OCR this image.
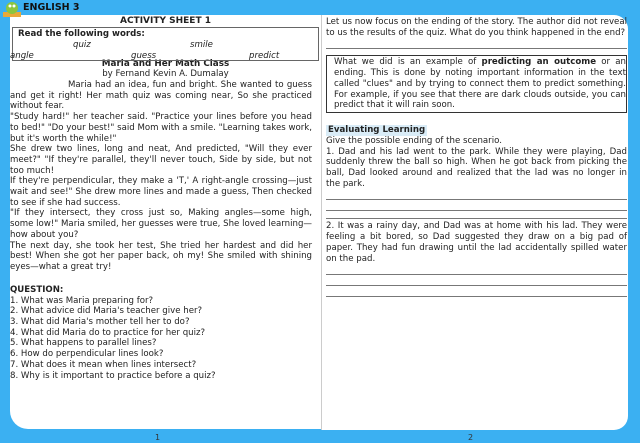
ENGLISH 3
ACTIVITY SHEET 1
Read the following words:
quiz	smile
angle	guess	predict
Maria and Her Math Class
by Fernand Kevin A. Dumalay

Maria had an idea, fun and bright. She wanted to guess and get it right! Her math quiz was coming near, So she practiced without fear.

"Study hard!" her teacher said. "Practice your lines before you head to bed!" "Do your best!" said Mom with a smile. "Learning takes work, but it's worth the while!"

She drew two lines, long and neat, And predicted, "Will they ever meet?" "If they're parallel, they'll never touch, Side by side, but not too much!

If they're perpendicular, they make a 'T,' A right-angle crossing—just wait and see!" She drew more lines and made a guess, Then checked to see if she had success.

"If they intersect, they cross just so, Making angles—some high, some low!" Maria smiled, her guesses were true, She loved learning—how about you?

The next day, she took her test, She tried her hardest and did her best! When she got her paper back, oh my! She smiled with shining eyes—what a great try!

QUESTION:
1. What was Maria preparing for?
2. What advice did Maria's teacher give her?
3. What did Maria's mother tell her to do?
4. What did Maria do to practice for her quiz?
5. What happens to parallel lines?
6. How do perpendicular lines look?
7. What does it mean when lines intersect?
8. Why is it important to practice before a quiz?
1

Let us now focus on the ending of the story. The author did not reveal to us the results of the quiz. What do you think happened in the end?

What we did is an example of predicting an outcome or an ending. This is done by noting important information in the text called "clues" and by trying to connect them to predict something. For example, if you see that there are dark clouds outside, you can predict that it will rain soon.
Evaluating Learning

Give the possible ending of the scenario.

1. Dad and his lad went to the park. While they were playing, Dad suddenly threw the ball so high. When he got back from picking the ball, Dad looked around and realized that the lad was no longer in the park.

2. It was a rainy day, and Dad was at home with his lad. They were feeling a bit bored, so Dad suggested they draw on a big pad of paper. They had fun drawing until the lad accidentally spilled water on the pad.

2
